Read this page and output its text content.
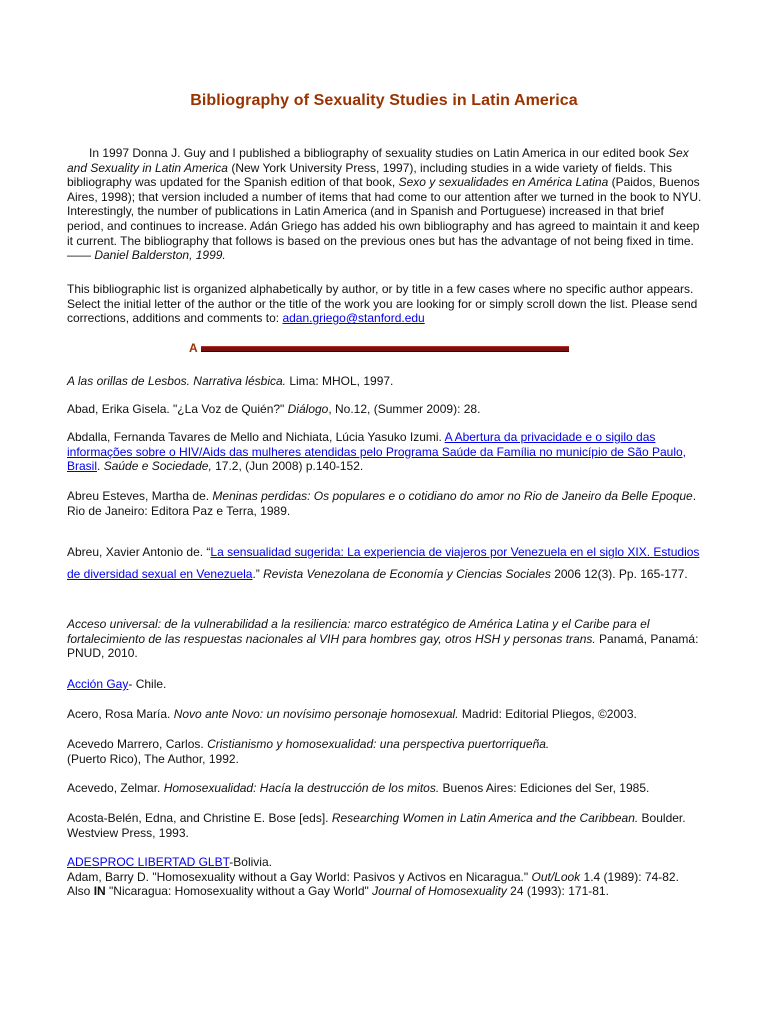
Bibliography of Sexuality Studies in Latin America

In 1997 Donna J. Guy and I published a bibliography of sexuality studies on Latin America in our edited book Sex and Sexuality in Latin America (New York University Press, 1997), including studies in a wide variety of fields. This bibliography was updated for the Spanish edition of that book, Sexo y sexualidades en América Latina (Paidos, Buenos Aires, 1998); that version included a number of items that had come to our attention after we turned in the book to NYU. Interestingly, the number of publications in Latin America (and in Spanish and Portuguese) increased in that brief period, and continues to increase. Adán Griego has added his own bibliography and has agreed to maintain it and keep it current. The bibliography that follows is based on the previous ones but has the advantage of not being fixed in time. —— Daniel Balderston, 1999.

This bibliographic list is organized alphabetically by author, or by title in a few cases where no specific author appears. Select the initial letter of the author or the title of the work you are looking for or simply scroll down the list. Please send corrections, additions and comments to: adan.griego@stanford.edu

A

A las orillas de Lesbos. Narrativa lésbica. Lima: MHOL, 1997.

Abad, Erika Gisela. "¿La Voz de Quién?" Diálogo, No.12, (Summer 2009): 28.

Abdalla, Fernanda Tavares de Mello and Nichiata, Lúcia Yasuko Izumi. A Abertura da privacidade e o sigilo das informações sobre o HIV/Aids das mulheres atendidas pelo Programa Saúde da Família no município de São Paulo, Brasil. Saúde e Sociedade, 17.2, (Jun 2008) p.140-152.

Abreu Esteves, Martha de. Meninas perdidas: Os populares e o cotidiano do amor no Rio de Janeiro da Belle Epoque. Rio de Janeiro: Editora Paz e Terra, 1989.

Abreu, Xavier Antonio de. “La sensualidad sugerida: La experiencia de viajeros por Venezuela en el siglo XIX. Estudios de diversidad sexual en Venezuela.” Revista Venezolana de Economía y Ciencias Sociales 2006 12(3). Pp. 165-177.

Acceso universal: de la vulnerabilidad a la resiliencia: marco estratégico de América Latina y el Caribe para el fortalecimiento de las respuestas nacionales al VIH para hombres gay, otros HSH y personas trans. Panamá, Panamá: PNUD, 2010.

Acción Gay- Chile.

Acero, Rosa María. Novo ante Novo: un novísimo personaje homosexual. Madrid: Editorial Pliegos, ©2003.

Acevedo Marrero, Carlos. Cristianismo y homosexualidad: una perspectiva puertorriqueña.
(Puerto Rico), The Author, 1992.

Acevedo, Zelmar. Homosexualidad: Hacía la destrucción de los mitos. Buenos Aires: Ediciones del Ser, 1985.

Acosta-Belén, Edna, and Christine E. Bose [eds]. Researching Women in Latin America and the Caribbean. Boulder. Westview Press, 1993.

ADESPROC LIBERTAD GLBT-Bolivia.
Adam, Barry D. "Homosexuality without a Gay World: Pasivos y Activos en Nicaragua." Out/Look 1.4 (1989): 74-82. Also IN "Nicaragua: Homosexuality without a Gay World" Journal of Homosexuality 24 (1993): 171-81.
